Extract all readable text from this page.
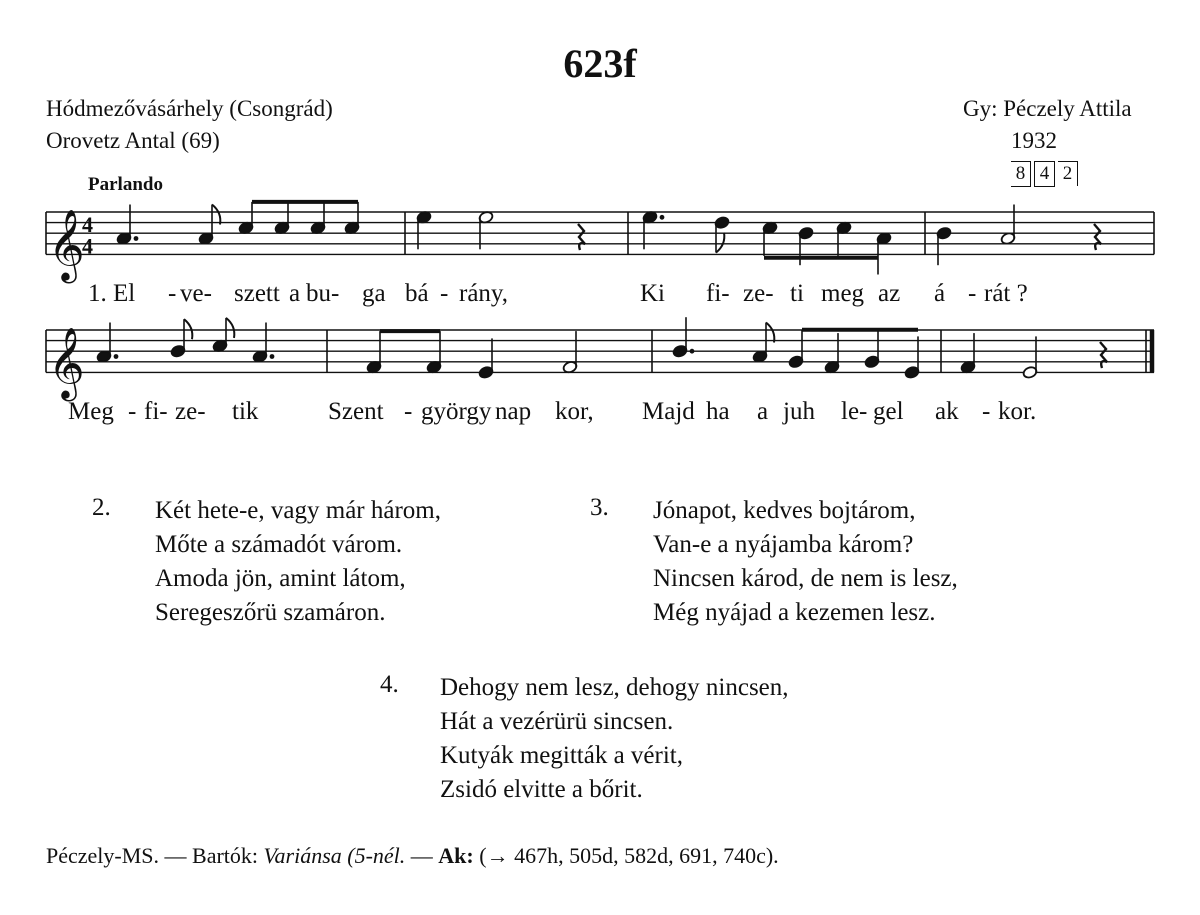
623f
Hódmezővásárhely (Csongrád)
Orovetz Antal (69)
Gy: Péczely Attila
1932
8 4 2
Parlando
𝄞
𝄞
4
4
1. El - ve- szett a bu- ga bá - rány,	Ki fi- ze- ti meg az á - rát ?
Meg - fi- ze- tik	Szent - györgy nap kor, Majd ha a juh le- gel ak - kor.
2. Két hete-e, vagy már három,
Mőte a számadót várom.
Amoda jön, amint látom,
Seregeszőrü szamáron.
3. Jónapot, kedves bojtárom,
Van-e a nyájamba károm?
Nincsen károd, de nem is lesz,
Még nyájad a kezemen lesz.
4. Dehogy nem lesz, dehogy nincsen,
Hát a vezérürü sincsen.
Kutyák megitták a vérit,
Zsidó elvitte a bőrit.
Péczely-MS. — Bartók: Variánsa (5-nél. — Ak: (→ 467h, 505d, 582d, 691, 740c).
